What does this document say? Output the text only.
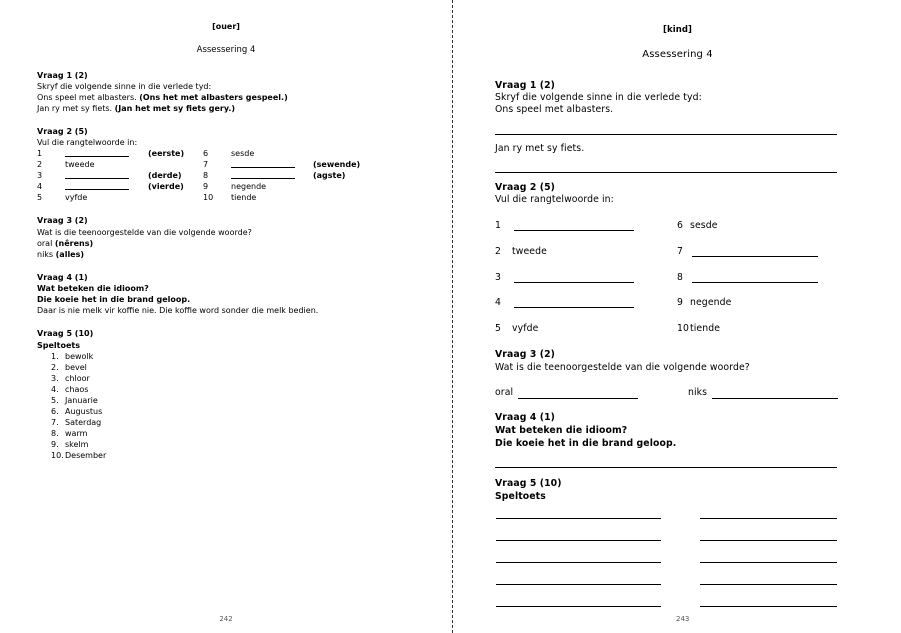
[ouer]
Assessering 4
Vraag 1 (2)
Skryf die volgende sinne in die verlede tyd:
Ons speel met albasters. (Ons het met albasters gespeel.)
Jan ry met sy fiets. (Jan het met sy fiets gery.)
Vraag 2 (5)
Vul die rangtelwoorde in:
1	(eerste) 6	sesde
2	tweede	7	(sewende)
3	(derde)	8	(agste)
4	(vierde) 9	negende
5	vyfde	10 tiende
Vraag 3 (2)
Wat is die teenoorgestelde van die volgende woorde?
oral (nêrens)
niks (alles)
Vraag 4 (1)
Wat beteken die idioom?
Die koeie het in die brand geloop.
Daar is nie melk vir koffie nie. Die koffie word sonder die melk bedien.
Vraag 5 (10)
Speltoets
1. bewolk
2. bevel
3. chloor
4. chaos
5. Januarie
6. Augustus
7. Saterdag
8. warm
9. skelm
10.Desember
242
[kind]
Assessering 4
Vraag 1 (2)
Skryf die volgende sinne in die verlede tyd:
Ons speel met albasters.
Jan ry met sy fiets.
Vraag 2 (5)
Vul die rangtelwoorde in:
1	6 sesde
2 tweede	7
3	8
4	9 negende
5 vyfde	10 tiende
Vraag 3 (2)
Wat is die teenoorgestelde van die volgende woorde?
oral	niks
Vraag 4 (1)
Wat beteken die idioom?
Die koeie het in die brand geloop.
Vraag 5 (10)
Speltoets
243
